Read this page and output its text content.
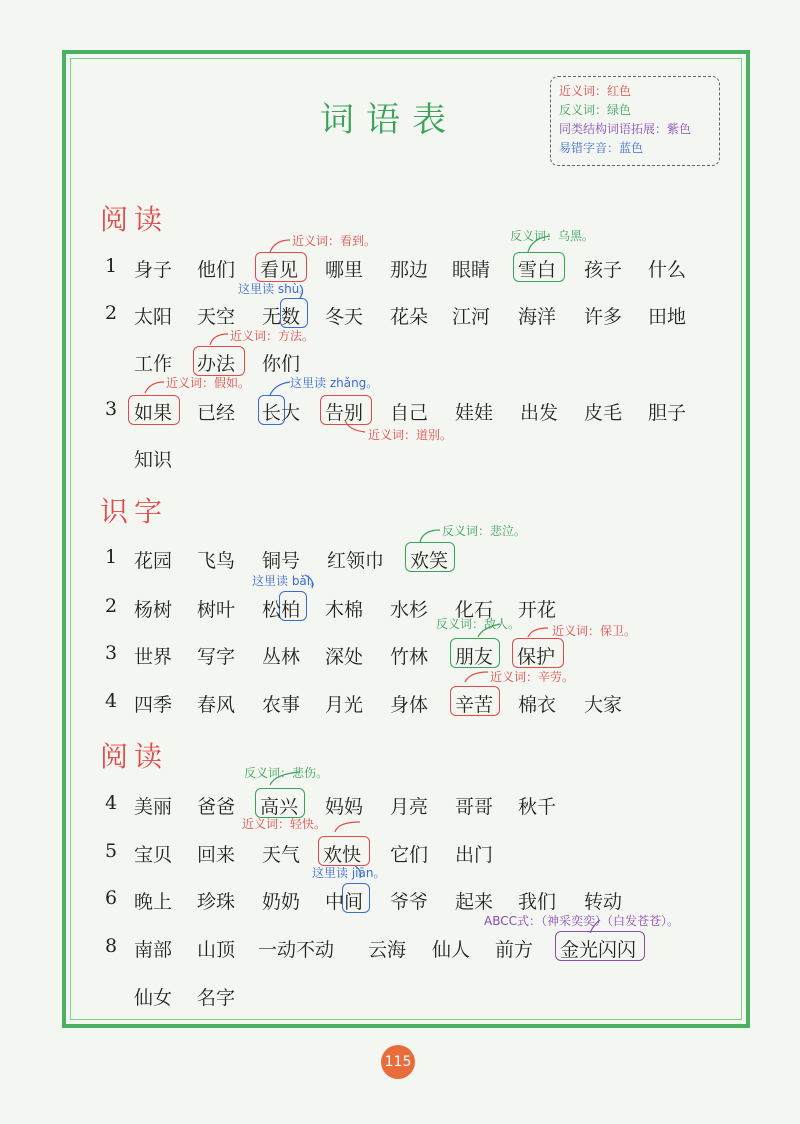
词语表
近义词：红色
反义词：绿色
同类结构词语拓展：紫色
易错字音：蓝色
阅读
识字
阅读
1 身子 他们 看见 哪里 那边 眼睛 雪白 孩子 什么
近义词：看到。	反义词：乌黑。
2 太阳 天空 无数 冬天 花朵 江河 海洋 许多 田地
这里读 shù。
工作 办法 你们
近义词：方法。
3 如果 已经 长大 告别 自己 娃娃 出发 皮毛 胆子
近义词：假如。	这里读 zhǎng。
近义词：道别。
知识
1 花园 飞鸟 铜号 红领巾 欢笑
反义词：悲泣。
2 杨树 树叶 松柏 木棉 水杉 化石 开花
这里读 bǎi。
3 世界 写字 丛林 深处 竹林 朋友 保护
反义词：敌人。	近义词：保卫。
4 四季 春风 农事 月光 身体 辛苦 棉衣 大家
近义词：辛劳。
4 美丽 爸爸 高兴 妈妈 月亮 哥哥 秋千
反义词：悲伤。
5 宝贝 回来 天气 欢快 它们 出门
近义词：轻快。
6 晚上 珍珠 奶奶 中间 爷爷 起来 我们 转动
这里读 jiān。
8 南部 山顶 一动不动 云海 仙人 前方 金光闪闪
ABCC式：（神采奕奕）（白发苍苍）。
仙女 名字
115
